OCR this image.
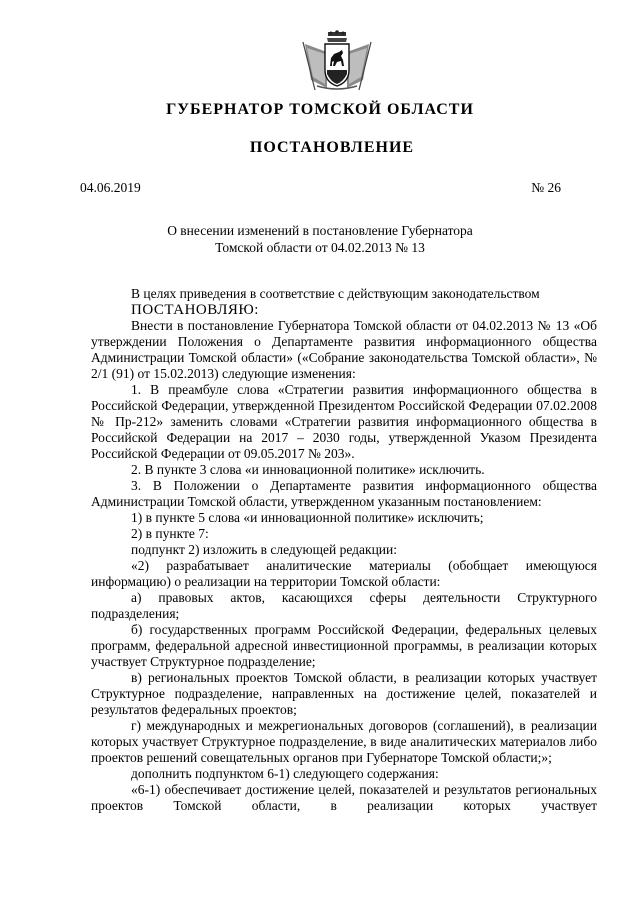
ГУБЕРНАТОР ТОМСКОЙ ОБЛАСТИ
ПОСТАНОВЛЕНИЕ
04.06.2019	№ 26
О внесении изменений в постановление Губернатора
Томской области от 04.02.2013 № 13

В целях приведения в соответствие с действующим законодательством

ПОСТАНОВЛЯЮ:

Внести в постановление Губернатора Томской области от 04.02.2013 № 13 «Об утверждении Положения о Департаменте развития информационного общества Администрации Томской области» («Собрание законодательства Томской области», № 2/1 (91) от 15.02.2013) следующие изменения:

1. В преамбуле слова «Стратегии развития информационного общества в Российской Федерации, утвержденной Президентом Российской Федерации 07.02.2008 № Пр-212» заменить словами «Стратегии развития информационного общества в Российской Федерации на 2017 – 2030 годы, утвержденной Указом Президента Российской Федерации от 09.05.2017 № 203».

2. В пункте 3 слова «и инновационной политике» исключить.

3. В Положении о Департаменте развития информационного общества Администрации Томской области, утвержденном указанным постановлением:

1) в пункте 5 слова «и инновационной политике» исключить;

2) в пункте 7:

подпункт 2) изложить в следующей редакции:

«2) разрабатывает аналитические материалы (обобщает имеющуюся информацию) о реализации на территории Томской области:

а) правовых актов, касающихся сферы деятельности Структурного подразделения;

б) государственных программ Российской Федерации, федеральных целевых программ, федеральной адресной инвестиционной программы, в реализации которых участвует Структурное подразделение;

в) региональных проектов Томской области, в реализации которых участвует Структурное подразделение, направленных на достижение целей, показателей и результатов федеральных проектов;

г) международных и межрегиональных договоров (соглашений), в реализации которых участвует Структурное подразделение, в виде аналитических материалов либо проектов решений совещательных органов при Губернаторе Томской области;»;

дополнить подпунктом 6-1) следующего содержания:

«6-1) обеспечивает достижение целей, показателей и результатов региональных проектов Томской области, в реализации которых участвует
